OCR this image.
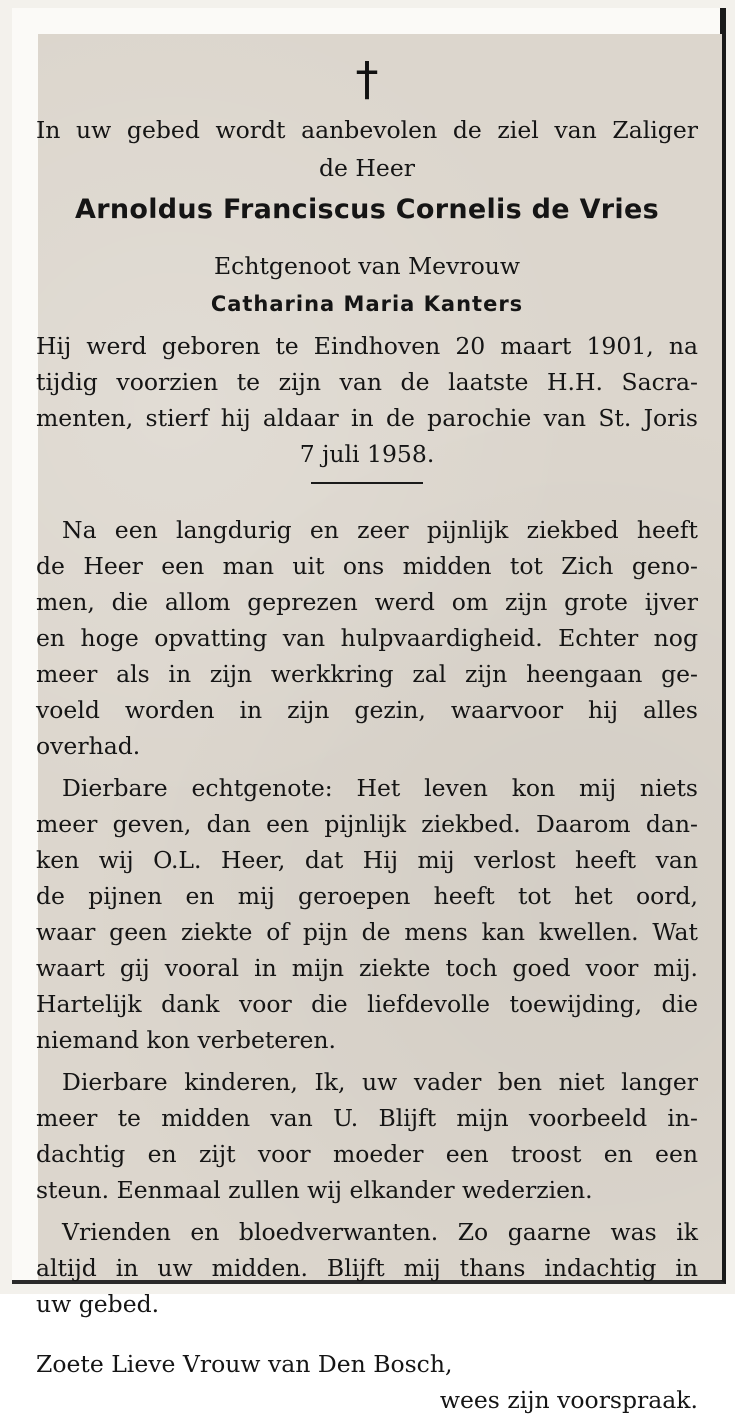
†

In uw gebed wordt aanbevolen de ziel van Zaliger

de Heer

Arnoldus Franciscus Cornelis de Vries

Echtgenoot van Mevrouw

Catharina Maria Kanters

Hij werd geboren te Eindhoven 20 maart 1901, na

tijdig voorzien te zijn van de laatste H.H. Sacra-

menten, stierf hij aldaar in de parochie van St. Joris

7 juli 1958.

Na een langdurig en zeer pijnlijk ziekbed heeft

de Heer een man uit ons midden tot Zich geno-

men, die allom geprezen werd om zijn grote ijver

en hoge opvatting van hulpvaardigheid. Echter nog

meer als in zijn werkkring zal zijn heengaan ge-

voeld worden in zijn gezin, waarvoor hij alles

overhad.

Dierbare echtgenote: Het leven kon mij niets

meer geven, dan een pijnlijk ziekbed. Daarom dan-

ken wij O.L. Heer, dat Hij mij verlost heeft van

de pijnen en mij geroepen heeft tot het oord,

waar geen ziekte of pijn de mens kan kwellen. Wat

waart gij vooral in mijn ziekte toch goed voor mij.

Hartelijk dank voor die liefdevolle toewijding, die

niemand kon verbeteren.

Dierbare kinderen, Ik, uw vader ben niet langer

meer te midden van U. Blijft mijn voorbeeld in-

dachtig en zijt voor moeder een troost en een

steun. Eenmaal zullen wij elkander wederzien.

Vrienden en bloedverwanten. Zo gaarne was ik

altijd in uw midden. Blijft mij thans indachtig in

uw gebed.

Zoete Lieve Vrouw van Den Bosch,

wees zijn voorspraak.
